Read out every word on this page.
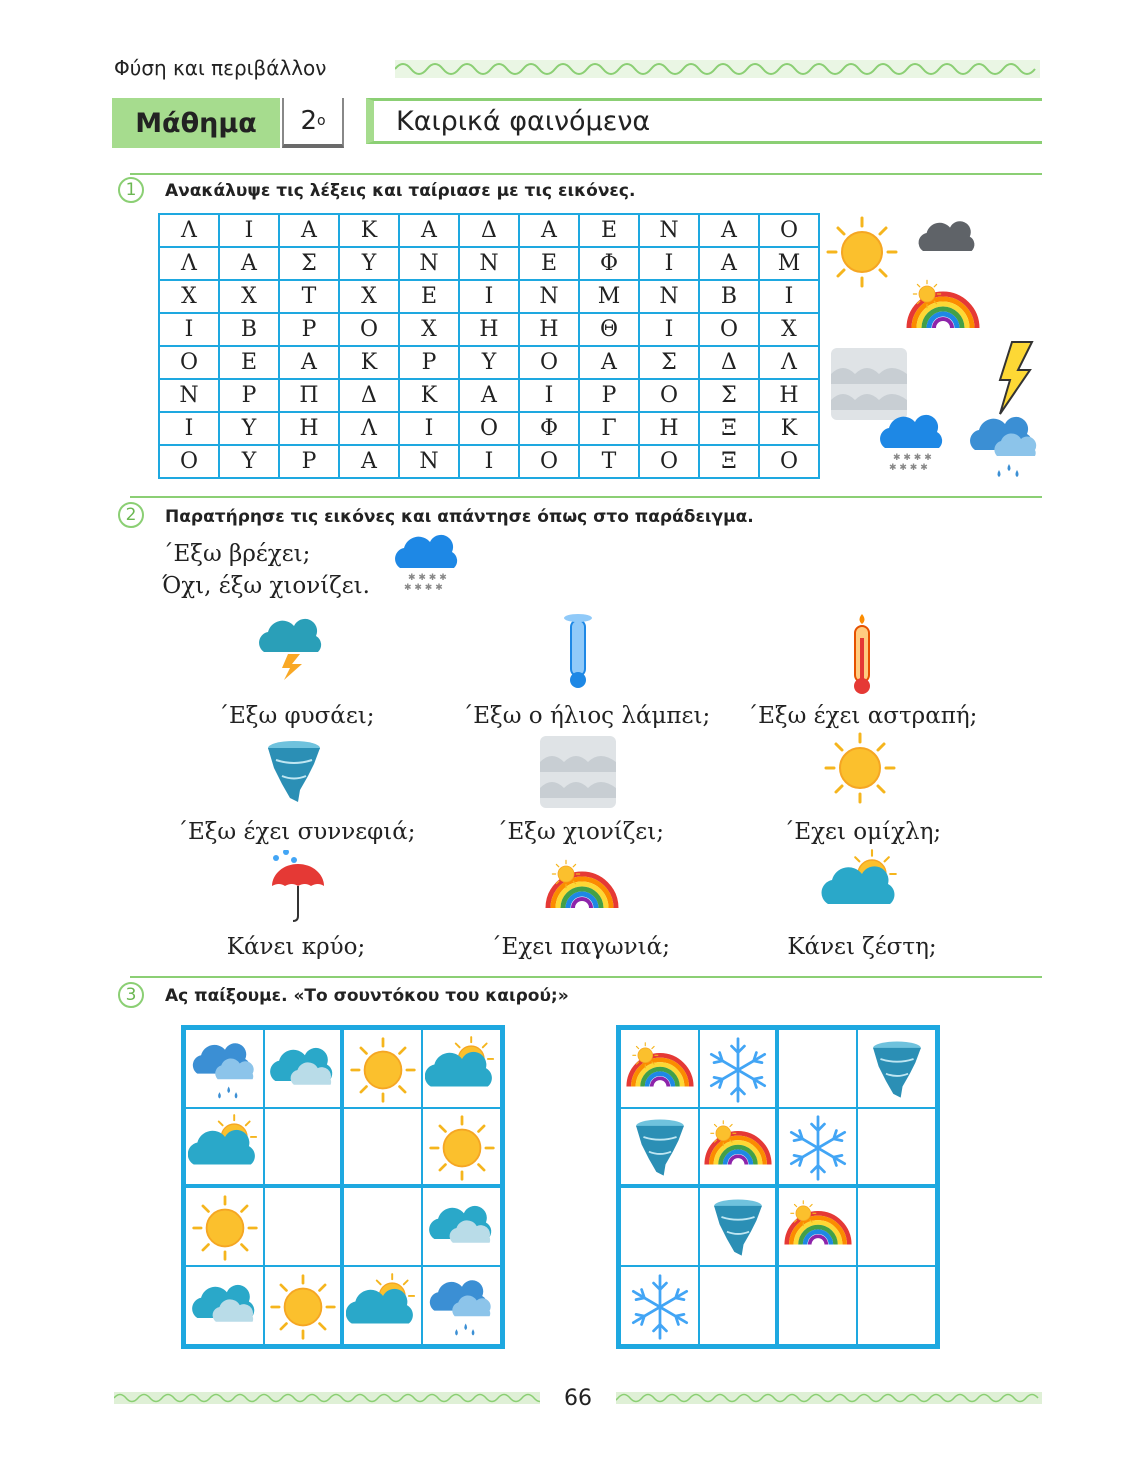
Φύση και περιβάλλον
Μάθημα	2 ο	Καιρικά φαινόμενα
1	Ανακάλυψε τις λέξεις και ταίριασε με τις εικόνες.
Λ	Ι	Α	Κ	Α	Δ	Α	Ε	Ν	Α	Ο
Λ	Α	Σ	Υ	Ν	Ν	Ε	Φ	Ι	Α	Μ
Χ	Χ	Τ	Χ	Ε	Ι	Ν	Μ	Ν	Β	Ι
Ι	Β	Ρ	Ο	Χ	Η	Η	Θ	Ι	Ο	Χ
Ο	Ε	Α	Κ	Ρ	Υ	Ο	Α	Σ	Δ	Λ
Ν	Ρ	Π	Δ	Κ	Α	Ι	Ρ	Ο	Σ	Η
Ι	Υ	Η	Λ	Ι	Ο	Φ	Γ	Η	Ξ	Κ
Ο	Υ	Ρ	Α	Ν	Ι	Ο	Τ	Ο	Ξ	Ο
2	Παρατήρησε τις εικόνες και απάντησε όπως στο παράδειγμα.
΄Εξω βρέχει;
Όχι, έξω χιονίζει.
΄Εξω φυσάει;	΄Εξω ο ήλιος λάμπει;	΄Εξω έχει αστραπή;
΄Εξω έχει συννεφιά;	΄Εξω χιονίζει;	΄Εχει ομίχλη;
Κάνει κρύο;	΄Εχει παγωνιά;	Κάνει ζέστη;
3	Ας παίξουμε. «Το σουντόκου του καιρού;»
66
